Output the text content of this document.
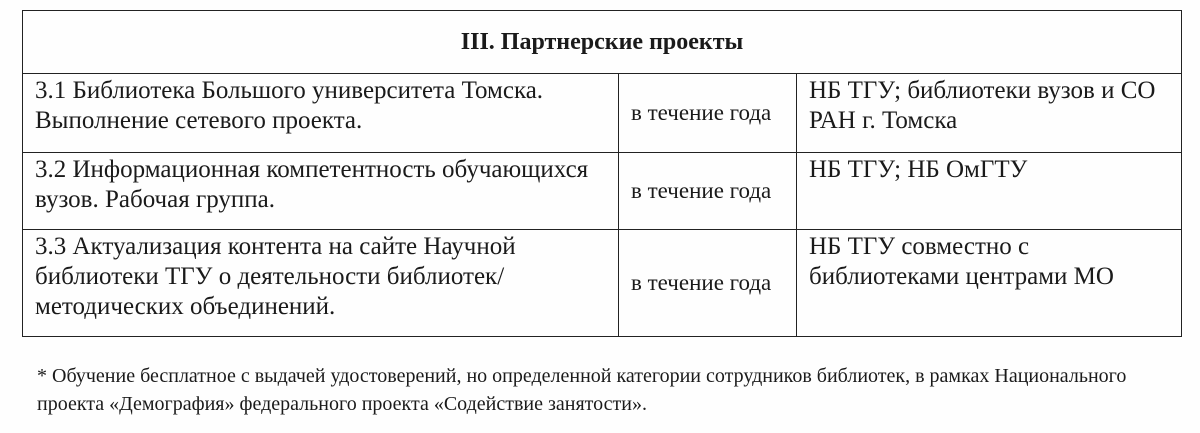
III. Партнерские проекты		
3.1 Библиотека Большого университета Томска. Выполнение сетевого проекта.	в течение года	НБ ТГУ; библиотеки вузов и СО РАН г. Томска
3.2 Информационная компетентность обучающихся вузов. Рабочая группа.	в течение года	НБ ТГУ; НБ ОмГТУ
3.3 Актуализация контента на сайте Научной библиотеки ТГУ о деятельности библиотек/методических объединений.	в течение года	НБ ТГУ совместно с библиотеками центрами МО
* Обучение бесплатное с выдачей удостоверений, но определенной категории сотрудников библиотек, в рамках Национального проекта «Демография» федерального проекта «Содействие занятости».
